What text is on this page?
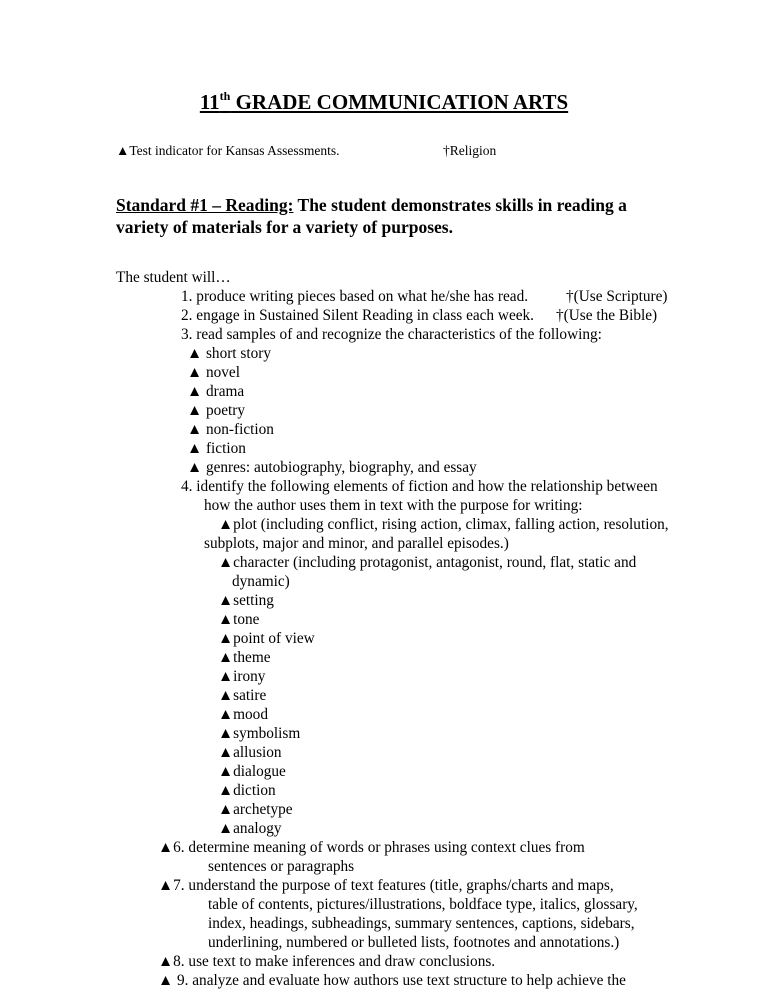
11th GRADE COMMUNICATION ARTS
▲Test indicator for Kansas Assessments.	†Religion
Standard #1 – Reading: The student demonstrates skills in reading a variety of materials for a variety of purposes.
The student will…
1. produce writing pieces based on what he/she has read. †(Use Scripture)
2. engage in Sustained Silent Reading in class each week. †(Use the Bible)
3. read samples of and recognize the characteristics of the following:
▲ short story
▲ novel
▲ drama
▲ poetry
▲ non-fiction
▲ fiction
▲ genres: autobiography, biography, and essay
4. identify the following elements of fiction and how the relationship between
how the author uses them in text with the purpose for writing:
▲plot (including conflict, rising action, climax, falling action, resolution,
subplots, major and minor, and parallel episodes.)
▲character (including protagonist, antagonist, round, flat, static and
dynamic)
▲setting
▲tone
▲point of view
▲theme
▲irony
▲satire
▲mood
▲symbolism
▲allusion
▲dialogue
▲diction
▲archetype
▲analogy
▲6. determine meaning of words or phrases using context clues from
sentences or paragraphs
▲7. understand the purpose of text features (title, graphs/charts and maps,
table of contents, pictures/illustrations, boldface type, italics, glossary,
index, headings, subheadings, summary sentences, captions, sidebars,
underlining, numbered or bulleted lists, footnotes and annotations.)
▲8. use text to make inferences and draw conclusions.
▲ 9. analyze and evaluate how authors use text structure to help achieve the
